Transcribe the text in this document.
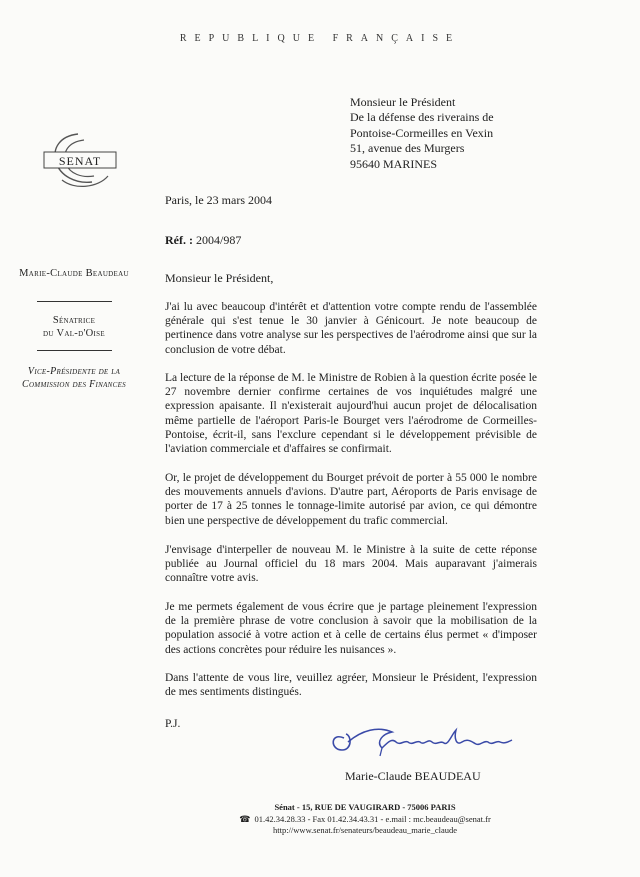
REPUBLIQUE FRANÇAISE
SENAT
Monsieur le Président
De la défense des riverains de
Pontoise-Cormeilles en Vexin
51, avenue des Murgers
95640 MARINES
Paris, le 23 mars 2004
Réf. : 2004/987
Marie-Claude Beaudeau
Sénatrice
du Val-d'Oise
Vice-Présidente de la
Commission des Finances
Monsieur le Président,
J'ai lu avec beaucoup d'intérêt et d'attention votre compte rendu de l'assemblée générale qui s'est tenue le 30 janvier à Génicourt. Je note beaucoup de pertinence dans votre analyse sur les perspectives de l'aérodrome ainsi que sur la conclusion de votre débat.
La lecture de la réponse de M. le Ministre de Robien à la question écrite posée le 27 novembre dernier confirme certaines de vos inquiétudes malgré une expression apaisante. Il n'existerait aujourd'hui aucun projet de délocalisation même partielle de l'aéroport Paris-le Bourget vers l'aérodrome de Cormeilles-Pontoise, écrit-il, sans l'exclure cependant si le développement prévisible de l'aviation commerciale et d'affaires se confirmait.
Or, le projet de développement du Bourget prévoit de porter à 55 000 le nombre des mouvements annuels d'avions. D'autre part, Aéroports de Paris envisage de porter de 17 à 25 tonnes le tonnage-limite autorisé par avion, ce qui démontre bien une perspective de développement du trafic commercial.
J'envisage d'interpeller de nouveau M. le Ministre à la suite de cette réponse publiée au Journal officiel du 18 mars 2004. Mais auparavant j'aimerais connaître votre avis.
Je me permets également de vous écrire que je partage pleinement l'expression de la première phrase de votre conclusion à savoir que la mobilisation de la population associé à votre action et à celle de certains élus permet « d'imposer des actions concrètes pour réduire les nuisances ».
Dans l'attente de vous lire, veuillez agréer, Monsieur le Président, l'expression de mes sentiments distingués.
P.J.
Marie-Claude BEAUDEAU
Sénat - 15, RUE DE VAUGIRARD - 75006 PARIS
☎ 01.42.34.28.33 - Fax 01.42.34.43.31 - e.mail : mc.beaudeau@senat.fr
http://www.senat.fr/senateurs/beaudeau_marie_claude
